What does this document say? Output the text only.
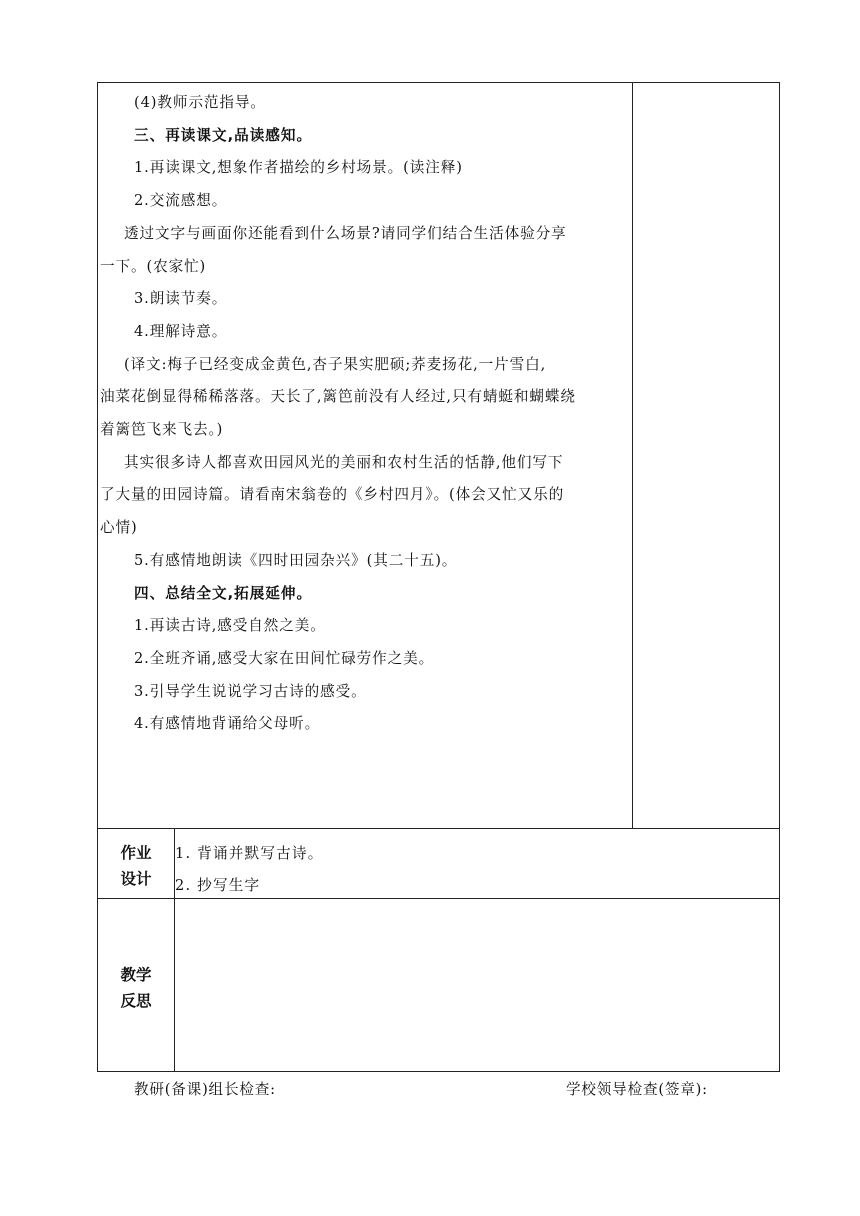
(4)教师示范指导。
三、再读课文,品读感知。
1.再读课文,想象作者描绘的乡村场景。(读注释)
2.交流感想。
透过文字与画面你还能看到什么场景?请同学们结合生活体验分享
一下。(农家忙)
3.朗读节奏。
4.理解诗意。
(译文:梅子已经变成金黄色,杏子果实肥硕;荞麦扬花,一片雪白,
油菜花倒显得稀稀落落。天长了,篱笆前没有人经过,只有蜻蜓和蝴蝶绕
着篱笆飞来飞去。)
其实很多诗人都喜欢田园风光的美丽和农村生活的恬静,他们写下
了大量的田园诗篇。请看南宋翁卷的《乡村四月》。(体会又忙又乐的
心情)
5.有感情地朗读《四时田园杂兴》(其二十五)。
四、总结全文,拓展延伸。
1.再读古诗,感受自然之美。
2.全班齐诵,感受大家在田间忙碌劳作之美。
3.引导学生说说学习古诗的感受。
4.有感情地背诵给父母听。
作业
设计
1. 背诵并默写古诗。
2. 抄写生字
教学
反思
教研(备课)组长检查:	学校领导检查(签章):
